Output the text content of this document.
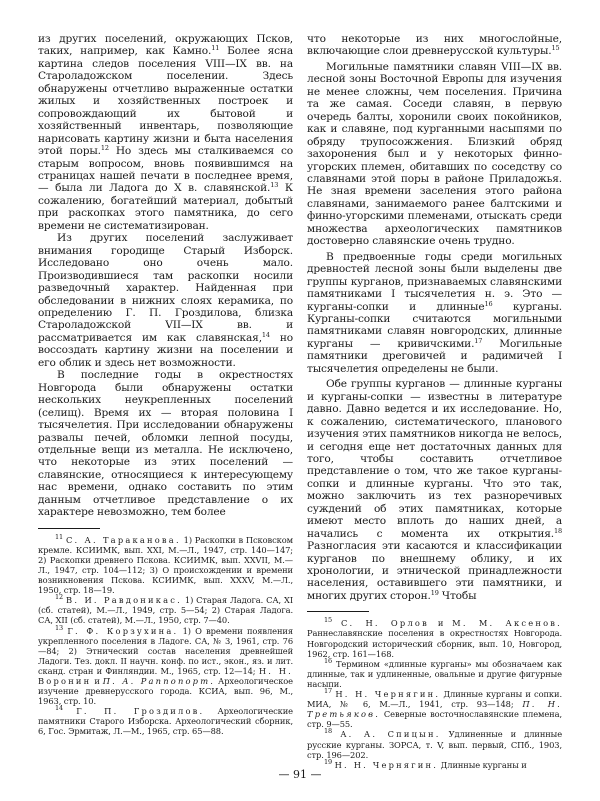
из других поселений, окружающих Псков, таких, например, как Камно.$^{11}$ Более ясна картина следов поселения VIII—IX вв. на Староладожском поселении. Здесь обнаружены отчетливо выраженные остатки жилых и хозяйственных построек и сопровождающий их бытовой и хозяйственный инвентарь, позволяющие нарисовать картину жизни и быта населения этой поры.$^{12}$ Но здесь мы сталкиваемся со старым вопросом, вновь появившимся на страницах нашей печати в последнее время, — была ли Ладога до X в. славянской.$^{13}$ К сожалению, богатейший материал, добытый при раскопках этого памятника, до сего времени не систематизирован.

Из других поселений заслуживает внимания городище Старый Изборск. Исследовано оно очень мало. Производившиеся там раскопки носили разведочный характер. Найденная при обследовании в нижних слоях керамика, по определению Г. П. Гроздилова, близка Староладожской VII—IX вв. и рассматривается им как славянская,$^{14}$ но воссоздать картину жизни на поселении и его облик и здесь нет возможности.

В последние годы в окрестностях Новгорода были обнаружены остатки нескольких неукрепленных поселений (селищ). Время их — вторая половина I тысячелетия. При исследовании обнаружены развалы печей, обломки лепной посуды, отдельные вещи из металла. Не исключено, что некоторые из этих поселений — славянские, относящиеся к интересующему нас времени, однако составить по этим данным отчетливое представление о их характере невозможно, тем более

$^{11}$ С. А. Тараканова. 1) Раскопки в Псковском кремле. КСИИМК, вып. XXI, М.—Л., 1947, стр. 140—147; 2) Раскопки древнего Пскова. КСИИМК, вып. XXVII, М.—Л., 1947, стр. 104—112; 3) О происхождении и времени возникновения Пскова. КСИИМК, вып. XXXV, М.—Л., 1950, стр. 18—19.

$^{12}$ В. И. Равдоникас. 1) Старая Ладога. СА, XI (сб. статей), М.—Л., 1949, стр. 5—54; 2) Старая Ладога. СА, XII (сб. статей), М.—Л., 1950, стр. 7—40.

$^{13}$ Г. Ф. Корзухина. 1) О времени появления укрепленного поселения в Ладоге. СА, № 3, 1961, стр. 76—84; 2) Этнический состав населения древнейшей Ладоги. Тез. докл. II научн. конф. по ист., экон., яз. и лит. сканд. стран и Финляндии. М., 1965, стр. 12—14; Н. Н. Воронин и П. А. Раппопорт. Археологическое изучение древнерусского города. КСИА, вып. 96, М., 1963, стр. 10.

$^{14}$ Г. П. Гроздилов. Археологические памятники Старого Изборска. Археологический сборник, 6, Гос. Эрмитаж, Л.—М., 1965, стр. 65—88.

что некоторые из них многослойные, включающие слои древнерусской культуры.$^{15}$

Могильные памятники славян VIII—IX вв. лесной зоны Восточной Европы для изучения не менее сложны, чем поселения. Причина та же самая. Соседи славян, в первую очередь балты, хоронили своих покойников, как и славяне, под курганными насыпями по обряду трупосожжения. Близкий обряд захоронения был и у некоторых финно-угорских племен, обитавших по соседству со славянами этой поры в районе Приладожья. Не зная времени заселения этого района славянами, занимаемого ранее балтскими и финно-угорскими племенами, отыскать среди множества археологических памятников достоверно славянские очень трудно.

В предвоенные годы среди могильных древностей лесной зоны были выделены две группы курганов, признаваемых славянскими памятниками I тысячелетия н. э. Это — курганы-сопки и длинные$^{16}$ курганы. Курганы-сопки считаются могильными памятниками славян новгородских, длинные курганы — кривичскими.$^{17}$ Могильные памятники дреговичей и радимичей I тысячелетия определены не были.

Обе группы курганов — длинные курганы и курганы-сопки — известны в литературе давно. Давно ведется и их исследование. Но, к сожалению, систематического, планового изучения этих памятников никогда не велось, и сегодня еще нет достаточных данных для того, чтобы составить отчетливое представление о том, что же такое курганы-сопки и длинные курганы. Что это так, можно заключить из тех разноречивых суждений об этих памятниках, которые имеют место вплоть до наших дней, а начались с момента их открытия.$^{18}$ Разногласия эти касаются и классификации курганов по внешнему облику, и их хронологии, и этнической принадлежности населения, оставившего эти памятники, и многих других сторон.$^{19}$ Чтобы

$^{15}$ С. Н. Орлов и М. М. Аксенов. Раннеславянские поселения в окрестностях Новгорода. Новгородский исторический сборник, вып. 10, Новгород, 1962, стр. 161—168.

$^{16}$ Термином «длинные курганы» мы обозначаем как длинные, так и удлиненные, овальные и другие фигурные насыпи.

$^{17}$ Н. Н. Чернягин. Длинные курганы и сопки. МИА, № 6, М.—Л., 1941, стр. 93—148; П. Н. Третьяков. Северные восточнославянские племена, стр. 9—55.

$^{18}$ А. А. Спицын. Удлиненные и длинные русские курганы. ЗОРСА, т. V, вып. первый, СПб., 1903, стр. 196—202.

$^{19}$ Н. Н. Чернягин. Длинные курганы и

— 91 —
